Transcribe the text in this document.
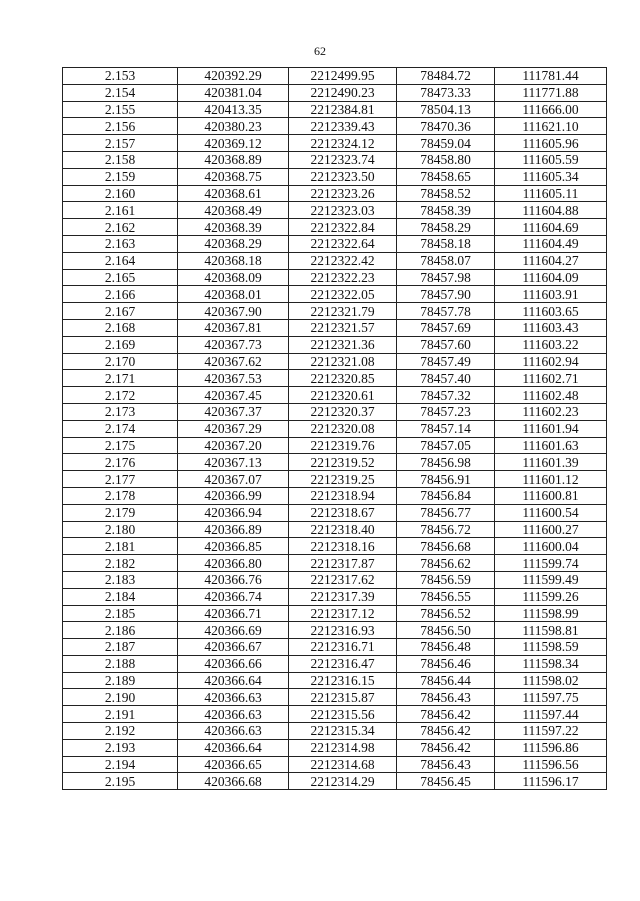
62
2.153	420392.29	2212499.95	78484.72	111781.44
2.154	420381.04	2212490.23	78473.33	111771.88
2.155	420413.35	2212384.81	78504.13	111666.00
2.156	420380.23	2212339.43	78470.36	111621.10
2.157	420369.12	2212324.12	78459.04	111605.96
2.158	420368.89	2212323.74	78458.80	111605.59
2.159	420368.75	2212323.50	78458.65	111605.34
2.160	420368.61	2212323.26	78458.52	111605.11
2.161	420368.49	2212323.03	78458.39	111604.88
2.162	420368.39	2212322.84	78458.29	111604.69
2.163	420368.29	2212322.64	78458.18	111604.49
2.164	420368.18	2212322.42	78458.07	111604.27
2.165	420368.09	2212322.23	78457.98	111604.09
2.166	420368.01	2212322.05	78457.90	111603.91
2.167	420367.90	2212321.79	78457.78	111603.65
2.168	420367.81	2212321.57	78457.69	111603.43
2.169	420367.73	2212321.36	78457.60	111603.22
2.170	420367.62	2212321.08	78457.49	111602.94
2.171	420367.53	2212320.85	78457.40	111602.71
2.172	420367.45	2212320.61	78457.32	111602.48
2.173	420367.37	2212320.37	78457.23	111602.23
2.174	420367.29	2212320.08	78457.14	111601.94
2.175	420367.20	2212319.76	78457.05	111601.63
2.176	420367.13	2212319.52	78456.98	111601.39
2.177	420367.07	2212319.25	78456.91	111601.12
2.178	420366.99	2212318.94	78456.84	111600.81
2.179	420366.94	2212318.67	78456.77	111600.54
2.180	420366.89	2212318.40	78456.72	111600.27
2.181	420366.85	2212318.16	78456.68	111600.04
2.182	420366.80	2212317.87	78456.62	111599.74
2.183	420366.76	2212317.62	78456.59	111599.49
2.184	420366.74	2212317.39	78456.55	111599.26
2.185	420366.71	2212317.12	78456.52	111598.99
2.186	420366.69	2212316.93	78456.50	111598.81
2.187	420366.67	2212316.71	78456.48	111598.59
2.188	420366.66	2212316.47	78456.46	111598.34
2.189	420366.64	2212316.15	78456.44	111598.02
2.190	420366.63	2212315.87	78456.43	111597.75
2.191	420366.63	2212315.56	78456.42	111597.44
2.192	420366.63	2212315.34	78456.42	111597.22
2.193	420366.64	2212314.98	78456.42	111596.86
2.194	420366.65	2212314.68	78456.43	111596.56
2.195	420366.68	2212314.29	78456.45	111596.17
